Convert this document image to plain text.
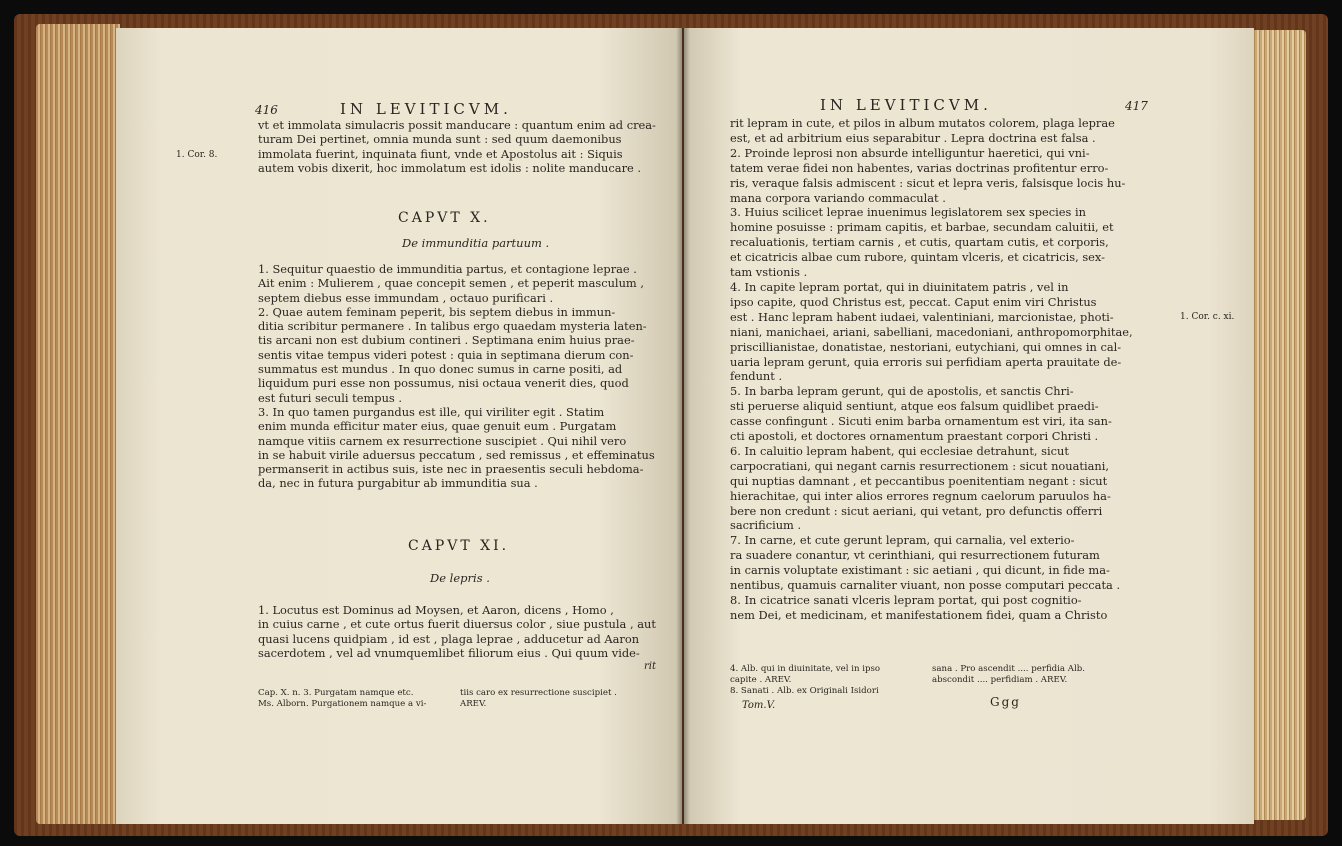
416	IN LEVITICVM.
vt et immolata simulacris possit manducare : quantum enim ad crea-
turam Dei pertinet, omnia munda sunt : sed quum daemonibus
immolata fuerint, inquinata fiunt, vnde et Apostolus ait : Siquis
autem vobis dixerit, hoc immolatum est idolis : nolite manducare .
1. Cor. 8.
CAPVT X.
De immunditia partuum .
1. Sequitur quaestio de immunditia partus, et contagione leprae .
Ait enim : Mulierem , quae concepit semen , et peperit masculum ,
septem diebus esse immundam , octauo purificari .
2. Quae autem feminam peperit, bis septem diebus in immun-
ditia scribitur permanere . In talibus ergo quaedam mysteria laten-
tis arcani non est dubium contineri . Septimana enim huius prae-
sentis vitae tempus videri potest : quia in septimana dierum con-
summatus est mundus . In quo donec sumus in carne positi, ad
liquidum puri esse non possumus, nisi octaua venerit dies, quod
est futuri seculi tempus .
3. In quo tamen purgandus est ille, qui viriliter egit . Statim
enim munda efficitur mater eius, quae genuit eum . Purgatam
namque vitiis carnem ex resurrectione suscipiet . Qui nihil vero
in se habuit virile aduersus peccatum , sed remissus , et effeminatus
permanserit in actibus suis, iste nec in praesentis seculi hebdoma-
da, nec in futura purgabitur ab immunditia sua .
CAPVT XI.
De lepris .
1. Locutus est Dominus ad Moysen, et Aaron, dicens , Homo ,
in cuius carne , et cute ortus fuerit diuersus color , siue pustula , aut
quasi lucens quidpiam , id est , plaga leprae , adducetur ad Aaron
sacerdotem , vel ad vnumquemlibet filiorum eius . Qui quum vide-
rit
Cap. X. n. 3. Purgatam namque etc.
Ms. Alborn. Purgationem namque a vi-
tiis caro ex resurrectione suscipiet .
AREV.
IN LEVITICVM.	417
rit lepram in cute, et pilos in album mutatos colorem, plaga leprae
est, et ad arbitrium eius separabitur . Lepra doctrina est falsa .
2. Proinde leprosi non absurde intelliguntur haeretici, qui vni-
tatem verae fidei non habentes, varias doctrinas profitentur erro-
ris, veraque falsis admiscent : sicut et lepra veris, falsisque locis hu-
mana corpora variando commaculat .
3. Huius scilicet leprae inuenimus legislatorem sex species in
homine posuisse : primam capitis, et barbae, secundam caluitii, et
recaluationis, tertiam carnis , et cutis, quartam cutis, et corporis,
et cicatricis albae cum rubore, quintam vlceris, et cicatricis, sex-
tam vstionis .
4. In capite lepram portat, qui in diuinitatem patris , vel in
ipso capite, quod Christus est, peccat. Caput enim viri Christus
est . Hanc lepram habent iudaei, valentiniani, marcionistae, photi-
niani, manichaei, ariani, sabelliani, macedoniani, anthropomorphitae,
priscillianistae, donatistae, nestoriani, eutychiani, qui omnes in cal-
uaria lepram gerunt, quia erroris sui perfidiam aperta prauitate de-
fendunt .
5. In barba lepram gerunt, qui de apostolis, et sanctis Chri-
sti peruerse aliquid sentiunt, atque eos falsum quidlibet praedi-
casse confingunt . Sicuti enim barba ornamentum est viri, ita san-
cti apostoli, et doctores ornamentum praestant corpori Christi .
6. In caluitio lepram habent, qui ecclesiae detrahunt, sicut
carpocratiani, qui negant carnis resurrectionem : sicut nouatiani,
qui nuptias damnant , et peccantibus poenitentiam negant : sicut
hierachitae, qui inter alios errores regnum caelorum paruulos ha-
bere non credunt : sicut aeriani, qui vetant, pro defunctis offerri
sacrificium .
7. In carne, et cute gerunt lepram, qui carnalia, vel exterio-
ra suadere conantur, vt cerinthiani, qui resurrectionem futuram
in carnis voluptate existimant : sic aetiani , qui dicunt, in fide ma-
nentibus, quamuis carnaliter viuant, non posse computari peccata .
8. In cicatrice sanati vlceris lepram portat, qui post cognitio-
nem Dei, et medicinam, et manifestationem fidei, quam a Christo
1. Cor. c. xi.
4. Alb. qui in diuinitate, vel in ipso
capite . AREV.
8. Sanati . Alb. ex Originali Isidori
sana . Pro ascendit .... perfidia Alb.
abscondit .... perfidiam . AREV.
Tom.V.	Ggg
